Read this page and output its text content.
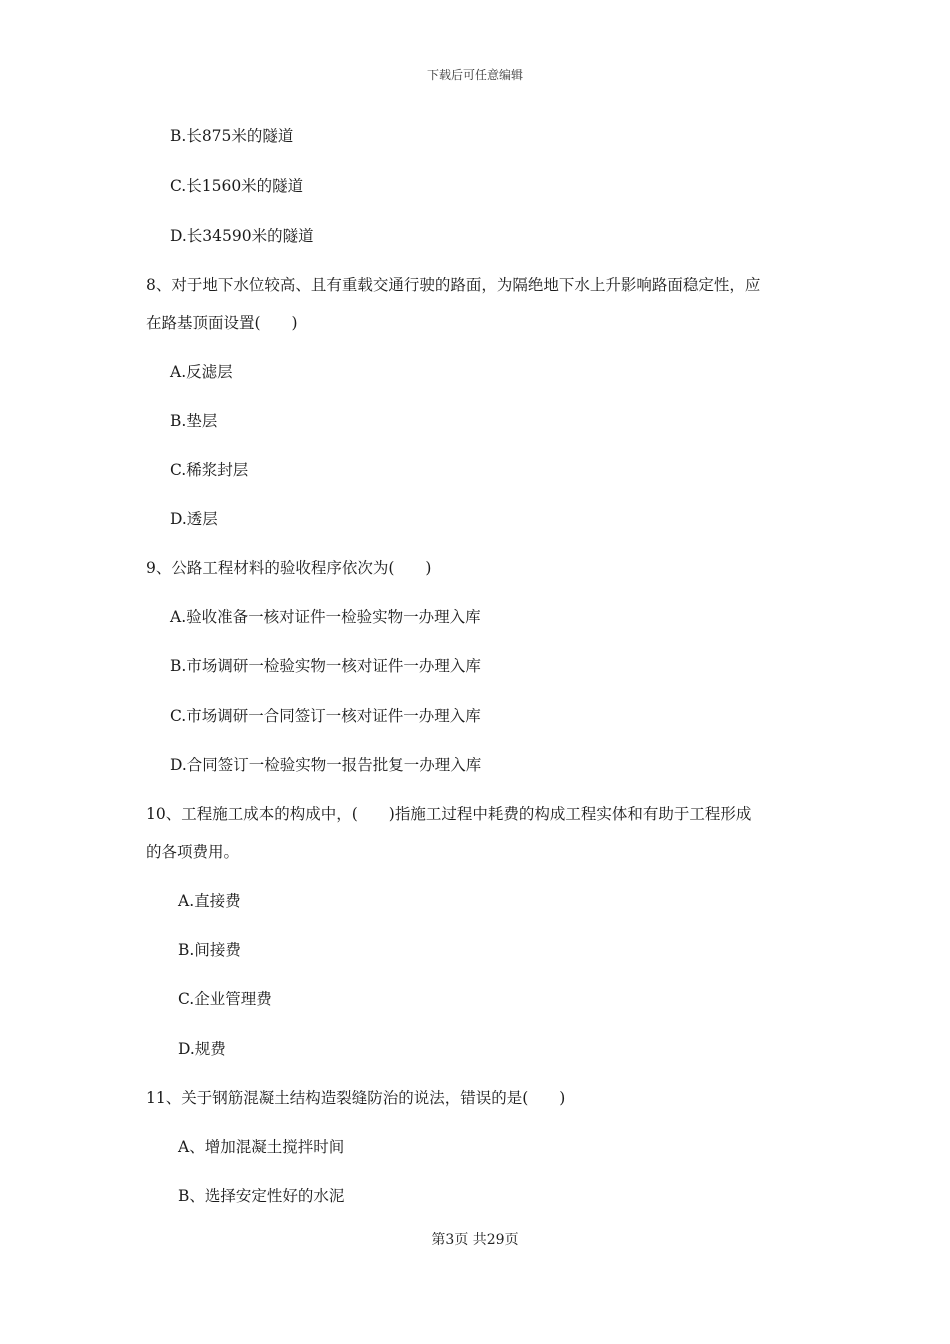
下载后可任意编辑
B.长875米的隧道
C.长1560米的隧道
D.长34590米的隧道
8、对于地下水位较高、且有重载交通行驶的路面，为隔绝地下水上升影响路面稳定性，应
在路基顶面设置(　　)
A.反滤层
B.垫层
C.稀浆封层
D.透层
9、公路工程材料的验收程序依次为(　　)
A.验收准备一核对证件一检验实物一办理入库
B.市场调研一检验实物一核对证件一办理入库
C.市场调研一合同签订一核对证件一办理入库
D.合同签订一检验实物一报告批复一办理入库
10、工程施工成本的构成中，(　　)指施工过程中耗费的构成工程实体和有助于工程形成
的各项费用。
A.直接费
B.间接费
C.企业管理费
D.规费
11、关于钢筋混凝土结构造裂缝防治的说法，错误的是(　　)
A、增加混凝土搅拌时间
B、选择安定性好的水泥
第3页 共29页
